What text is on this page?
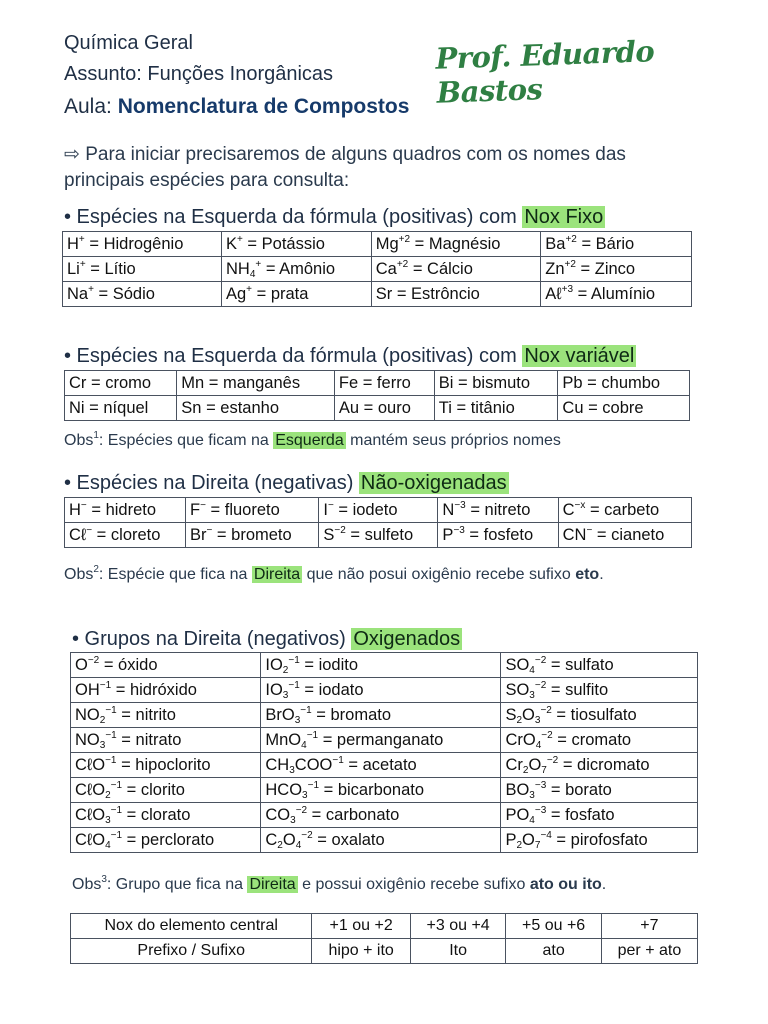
Química Geral
Assunto: Funções Inorgânicas
Aula: Nomenclatura de Compostos
Prof. Eduardo Bastos
⇨ Para iniciar precisaremos de alguns quadros com os nomes das principais espécies para consulta:
• Espécies na Esquerda da fórmula (positivas) com Nox Fixo
H+ = Hidrogênio	K+ = Potássio	$Mg^{+2}$ = Magnésio	$Ba^{+2}$ = Bário
Li+ = Lítio	$NH_4^+$ = Amônio	$Ca^{+2}$ = Cálcio	$Zn^{+2}$ = Zinco
Na+ = Sódio	Ag+ = prata	Sr = Estrôncio	Aℓ$^{+3}$ = Alumínio
• Espécies na Esquerda da fórmula (positivas) com Nox variável
Cr = cromo	Mn = manganês	Fe = ferro	Bi = bismuto	Pb = chumbo
Ni = níquel	Sn = estanho	Au = ouro	Ti = titânio	Cu = cobre
Obs$^1$: Espécies que ficam na Esquerda mantém seus próprios nomes
• Espécies na Direita (negativas) Não-oxigenadas
H− = hidreto	F− = fluoreto	I− = iodeto	$N^{-3}$ = nitreto	$C^{-x}$ = carbeto
Cℓ− = cloreto	Br− = brometo	$S^{-2}$ = sulfeto	$P^{-3}$ = fosfeto	CN− = cianeto
Obs$^2$: Espécie que fica na Direita que não posui oxigênio recebe sufixo eto.
• Grupos na Direita (negativos) Oxigenados
$O^{-2}$ = óxido	$IO_2^{-1}$ = iodito	$SO_4^{-2}$ = sulfato
$OH^{-1}$ = hidróxido	$IO_3^{-1}$ = iodato	$SO_3^{-2}$ = sulfito
$NO_2^{-1}$ = nitrito	BrO$_3^{-1}$ = bromato	$S_2O_3^{-2}$ = tiosulfato
$NO_3^{-1}$ = nitrato	MnO$_4^{-1}$ = permanganato	CrO$_4^{-2}$ = cromato
CℓO$^{-1}$ = hipoclorito	$CH_3COO^{-1}$ = acetato	$Cr_2O_7^{-2}$ = dicromato
CℓO$_2^{-1}$ = clorito	$HCO_3^{-1}$ = bicarbonato	$BO_3^{-3}$ = borato
CℓO$_3^{-1}$ = clorato	$CO_3^{-2}$ = carbonato	$PO_4^{-3}$ = fosfato
CℓO$_4^{-1}$ = perclorato	$C_2O_4^{-2}$ = oxalato	$P_2O_7^{-4}$ = pirofosfato
Obs$^3$: Grupo que fica na Direita e possui oxigênio recebe sufixo ato ou ito.
Nox do elemento central	+1 ou +2	+3 ou +4	+5 ou +6	+7
Prefixo / Sufixo	hipo + ito	Ito	ato	per + ato
